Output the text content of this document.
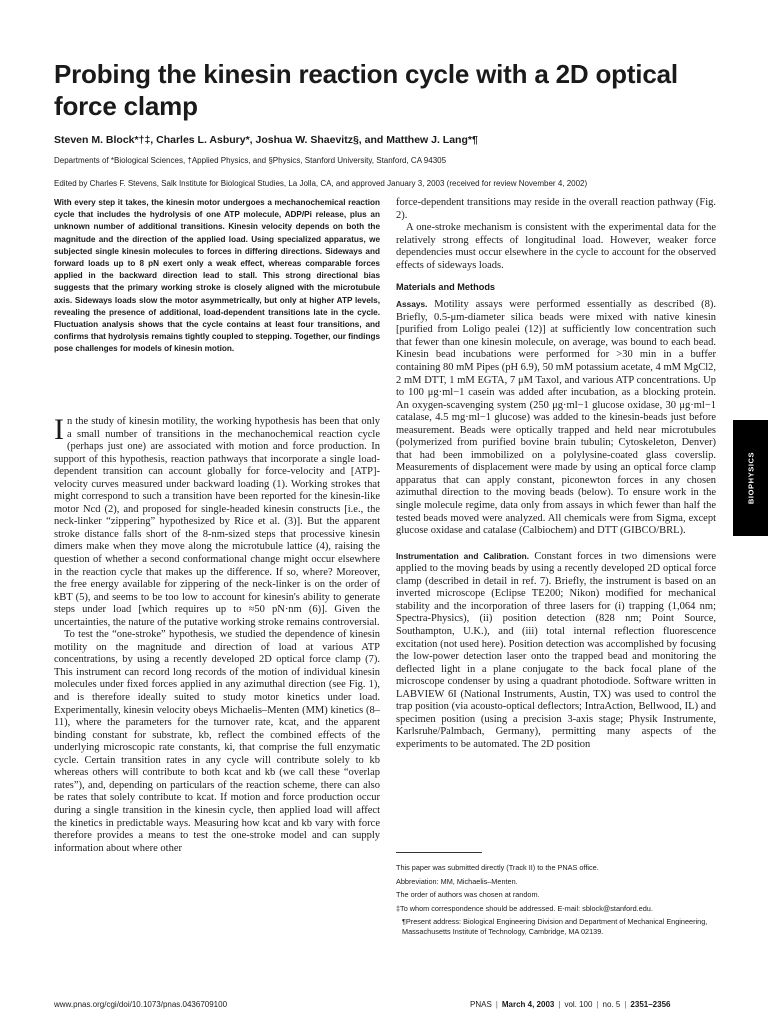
Probing the kinesin reaction cycle with a 2D optical force clamp
Steven M. Block*†‡, Charles L. Asbury*, Joshua W. Shaevitz§, and Matthew J. Lang*¶
Departments of *Biological Sciences, †Applied Physics, and §Physics, Stanford University, Stanford, CA 94305
Edited by Charles F. Stevens, Salk Institute for Biological Studies, La Jolla, CA, and approved January 3, 2003 (received for review November 4, 2002)

With every step it takes, the kinesin motor undergoes a mechanochemical reaction cycle that includes the hydrolysis of one ATP molecule, ADP/Pi release, plus an unknown number of additional transitions. Kinesin velocity depends on both the magnitude and the direction of the applied load. Using specialized apparatus, we subjected single kinesin molecules to forces in differing directions. Sideways and forward loads up to 8 pN exert only a weak effect, whereas comparable forces applied in the backward direction lead to stall. This strong directional bias suggests that the primary working stroke is closely aligned with the microtubule axis. Sideways loads slow the motor asymmetrically, but only at higher ATP levels, revealing the presence of additional, load-dependent transitions late in the cycle. Fluctuation analysis shows that the cycle contains at least four transitions, and confirms that hydrolysis remains tightly coupled to stepping. Together, our findings pose challenges for models of kinesin motion.

In the study of kinesin motility, the working hypothesis has been that only a small number of transitions in the mechanochemical reaction cycle (perhaps just one) are associated with motion and force production. In support of this hypothesis, reaction pathways that incorporate a single load-dependent transition can account globally for force-velocity and [ATP]-velocity curves measured under backward loading (1). Working strokes that might correspond to such a transition have been reported for the kinesin-like motor Ncd (2), and proposed for single-headed kinesin constructs [i.e., the neck-linker “zippering” hypothesized by Rice et al. (3)]. But the apparent stroke distance falls short of the 8-nm-sized steps that processive kinesin dimers make when they move along the microtubule lattice (4), raising the question of whether a second conformational change might occur elsewhere in the reaction cycle that makes up the difference. If so, where? Moreover, the free energy available for zippering of the neck-linker is on the order of kBT (5), and seems to be too low to account for kinesin's ability to generate steps under load [which requires up to ≈50 pN·nm (6)]. Given the uncertainties, the nature of the putative working stroke remains controversial.

To test the “one-stroke” hypothesis, we studied the dependence of kinesin motility on the magnitude and direction of load at various ATP concentrations, by using a recently developed 2D optical force clamp (7). This instrument can record long records of the motion of individual kinesin molecules under fixed forces applied in any azimuthal direction (see Fig. 1), and is therefore ideally suited to study motor kinetics under load. Experimentally, kinesin velocity obeys Michaelis–Menten (MM) kinetics (8–11), where the parameters for the turnover rate, kcat, and the apparent binding constant for substrate, kb, reflect the combined effects of the underlying microscopic rate constants, ki, that comprise the full enzymatic cycle. Certain transition rates in any cycle will contribute solely to kb whereas others will contribute to both kcat and kb (we call these “overlap rates”), and, depending on particulars of the reaction scheme, there can also be rates that solely contribute to kcat. If motion and force production occur during a single transition in the kinesin cycle, then applied load will affect the kinetics in predictable ways. Measuring how kcat and kb vary with force therefore provides a means to test the one-stroke model and can supply information about where other

force-dependent transitions may reside in the overall reaction pathway (Fig. 2).

A one-stroke mechanism is consistent with the experimental data for the relatively strong effects of longitudinal load. However, weaker force dependencies must occur elsewhere in the cycle to account for the observed effects of sideways loads.

Materials and Methods

Assays. Motility assays were performed essentially as described (8). Briefly, 0.5-μm-diameter silica beads were mixed with native kinesin [purified from Loligo pealei (12)] at sufficiently low concentration such that fewer than one kinesin molecule, on average, was bound to each bead. Kinesin bead incubations were performed for >30 min in a buffer containing 80 mM Pipes (pH 6.9), 50 mM potassium acetate, 4 mM MgCl2, 2 mM DTT, 1 mM EGTA, 7 μM Taxol, and various ATP concentrations. Up to 100 μg·ml−1 casein was added after incubation, as a blocking protein. An oxygen-scavenging system (250 μg·ml−1 glucose oxidase, 30 μg·ml−1 catalase, 4.5 mg·ml−1 glucose) was added to the kinesin-beads just before measurement. Beads were optically trapped and held near microtubules (polymerized from purified bovine brain tubulin; Cytoskeleton, Denver) that had been immobilized on a polylysine-coated glass coverslip. Measurements of displacement were made by using an optical force clamp apparatus that can apply constant, piconewton forces in any chosen azimuthal direction to the moving beads (below). To ensure work in the single molecule regime, data only from assays in which fewer than half the tested beads moved were analyzed. All chemicals were from Sigma, except glucose oxidase and catalase (Calbiochem) and DTT (GIBCO/BRL).

Instrumentation and Calibration. Constant forces in two dimensions were applied to the moving beads by using a recently developed 2D optical force clamp (described in detail in ref. 7). Briefly, the instrument is based on an inverted microscope (Eclipse TE200; Nikon) modified for mechanical stability and the incorporation of three lasers for (i) trapping (1,064 nm; Spectra-Physics), (ii) position detection (828 nm; Point Source, Southampton, U.K.), and (iii) total internal reflection fluorescence excitation (not used here). Position detection was accomplished by focusing the low-power detection laser onto the trapped bead and monitoring the deflected light in a plane conjugate to the back focal plane of the microscope condenser by using a quadrant photodiode. Software written in LABVIEW 6I (National Instruments, Austin, TX) was used to control the trap position (via acousto-optical deflectors; IntraAction, Bellwood, IL) and specimen position (using a precision 3-axis stage; Physik Instrumente, Karlsruhe/Palmbach, Germany), permitting many aspects of the experiments to be automated. The 2D position

This paper was submitted directly (Track II) to the PNAS office.

Abbreviation: MM, Michaelis–Menten.

The order of authors was chosen at random.

‡To whom correspondence should be addressed. E-mail: sblock@stanford.edu.

¶Present address: Biological Engineering Division and Department of Mechanical Engineering, Massachusetts Institute of Technology, Cambridge, MA 02139.

BIOPHYSICS
www.pnas.org/cgi/doi/10.1073/pnas.0436709100	PNAS | March 4, 2003 | vol. 100 | no. 5 | 2351–2356
